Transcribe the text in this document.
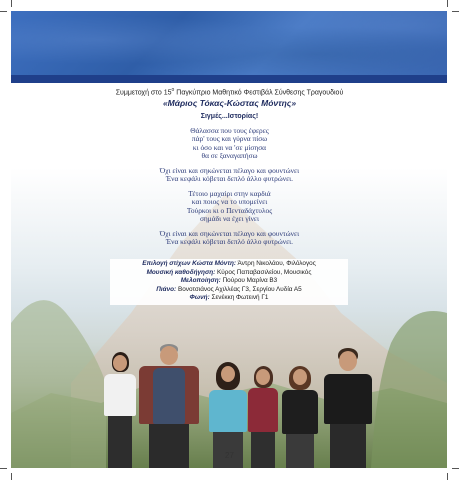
Συμμετοχή στο $15^o$ Παγκύπριο Μαθητικό Φεστιβάλ Σύνθεσης Τραγουδιού
«Μάριος Τόκας-Κώστας Μόντης»
Σιγμές...Ιστορίας!
Θάλασσα που τους έφερες
πάρ' τους και γύρνα πίσω
κι όσο και να 'σε μίσησα
θα σε ξαναγαπήσω
Όχι είναι και σηκώνεται πέλαγο και φουντώνει
Ένα κεφάλι κόβεται δεπλό άλλο φυτρώνει.
Τέτοιο μαχαίρι στην καρδιά
και ποιος να το υπομείνει
Τούρκοι κι ο Πενταδάχτυλος
σημάδι να έχει γίνει
Όχι είναι και σηκώνεται πέλαγο και φουντώνει
Ένα κεφάλι κόβεται δεπλό άλλο φυτρώνει.
Επιλογή στίχων Κώστα Μόντη: Άντρη Νικολάου, Φιλόλογος
Μουσική καθοδήγηση: Κύρος Παπαβασιλείου, Μουσικός
Μελοποίηση: Πούρου Μαρίνα Β3
Πιάνο: Βονοτσιάνος Αχιλλέας Γ3, Σεργίου Λυδία Α5
Φωνή: Σενέκκη Φωτεινή Γ1
27
